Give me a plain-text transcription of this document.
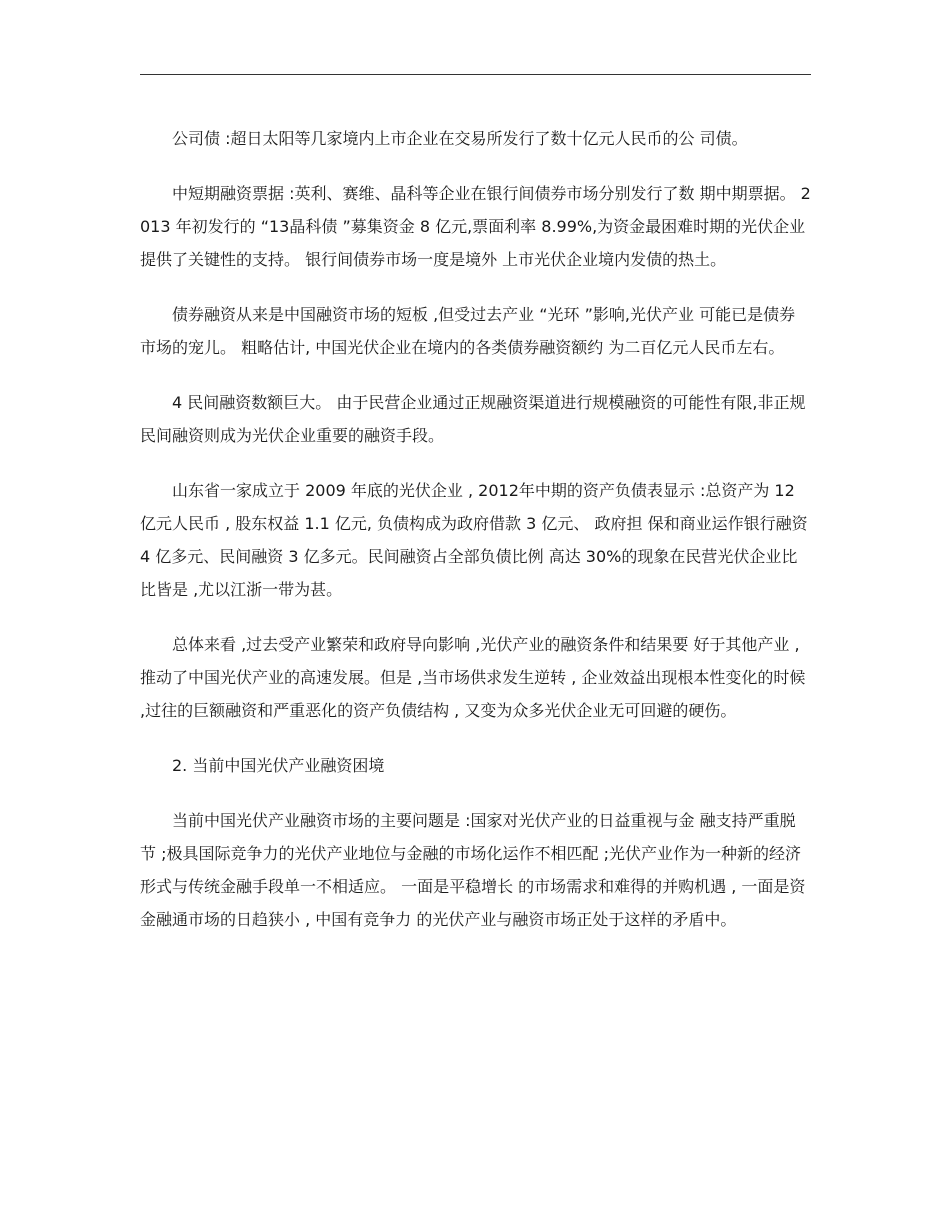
公司债 :超日太阳等几家境内上市企业在交易所发行了数十亿元人民币的公 司债。

中短期融资票据 :英利、赛维、晶科等企业在银行间债券市场分别发行了数 期中期票据。 2013 年初发行的 “13晶科债 ”募集资金 8 亿元,票面利率 8.99%,为资金最困难时期的光伏企业提供了关键性的支持。 银行间债券市场一度是境外 上市光伏企业境内发债的热土。

债券融资从来是中国融资市场的短板 ,但受过去产业 “光环 ”影响,光伏产业 可能已是债券市场的宠儿。 粗略估计, 中国光伏企业在境内的各类债券融资额约 为二百亿元人民币左右。

4 民间融资数额巨大。 由于民营企业通过正规融资渠道进行规模融资的可能性有限,非正规民间融资则成为光伏企业重要的融资手段。

山东省一家成立于 2009 年底的光伏企业 , 2012年中期的资产负债表显示 :总资产为 12 亿元人民币 , 股东权益 1.1 亿元, 负债构成为政府借款 3 亿元、 政府担 保和商业运作银行融资 4 亿多元、民间融资 3 亿多元。民间融资占全部负债比例 高达 30%的现象在民营光伏企业比比皆是 ,尤以江浙一带为甚。

总体来看 ,过去受产业繁荣和政府导向影响 ,光伏产业的融资条件和结果要 好于其他产业 ,推动了中国光伏产业的高速发展。但是 ,当市场供求发生逆转 , 企业效益出现根本性变化的时候 ,过往的巨额融资和严重恶化的资产负债结构 , 又变为众多光伏企业无可回避的硬伤。

2. 当前中国光伏产业融资困境

当前中国光伏产业融资市场的主要问题是 :国家对光伏产业的日益重视与金 融支持严重脱节 ;极具国际竞争力的光伏产业地位与金融的市场化运作不相匹配 ;光伏产业作为一种新的经济形式与传统金融手段单一不相适应。 一面是平稳增长 的市场需求和难得的并购机遇 , 一面是资金融通市场的日趋狭小 , 中国有竞争力 的光伏产业与融资市场正处于这样的矛盾中。
